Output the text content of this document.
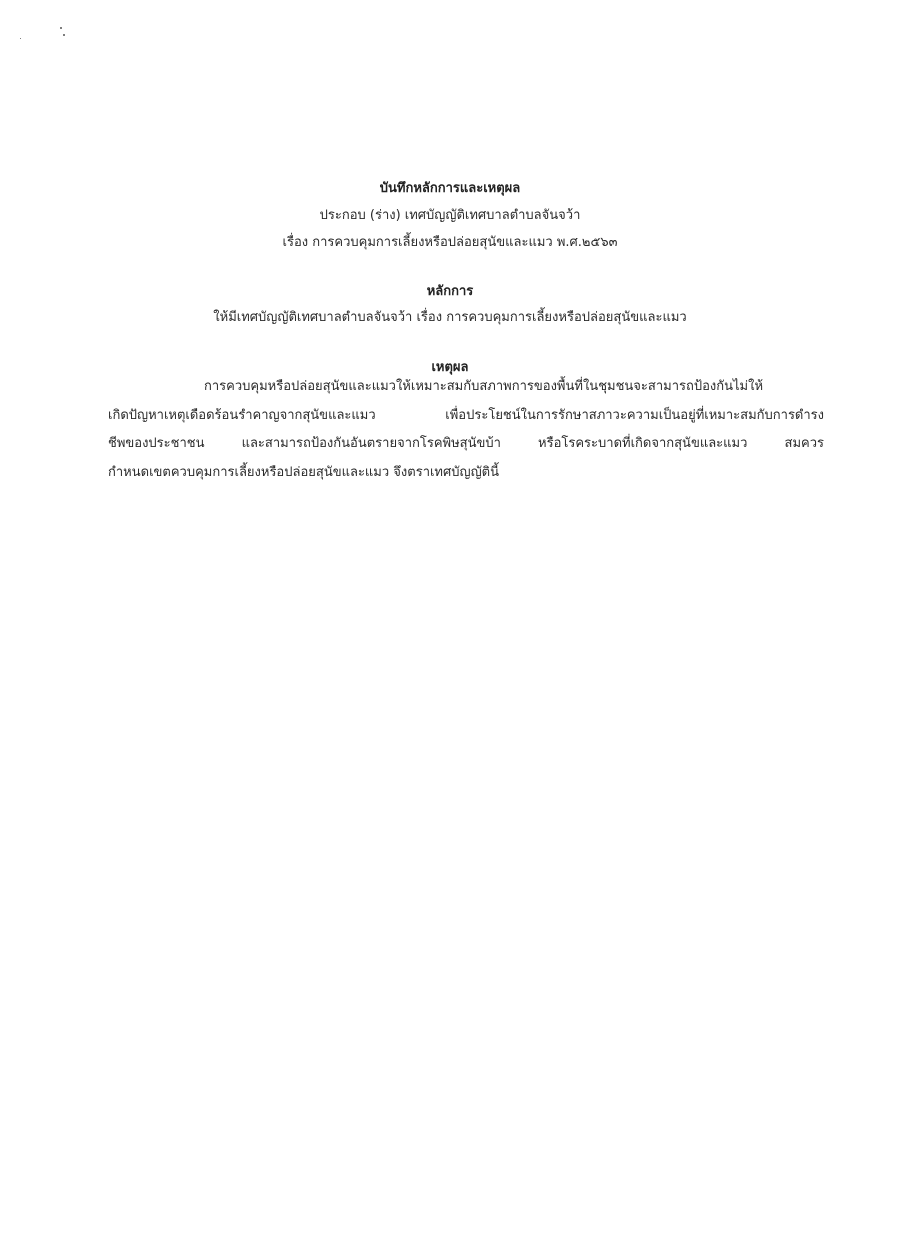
บันทึกหลักการและเหตุผล
ประกอบ (ร่าง) เทศบัญญัติเทศบาลตำบลจันจว้า
เรื่อง การควบคุมการเลี้ยงหรือปล่อยสุนัขและแมว พ.ศ.๒๕๖๓
หลักการ
ให้มีเทศบัญญัติเทศบาลตำบลจันจว้า เรื่อง การควบคุมการเลี้ยงหรือปล่อยสุนัขและแมว
เหตุผล
การควบคุมหรือปล่อยสุนัขและแมวให้เหมาะสมกับสภาพการของพื้นที่ในชุมชนจะสามารถป้องกันไม่ให้
เกิดปัญหาเหตุเดือดร้อนรำคาญจากสุนัขและแมว เพื่อประโยชน์ในการรักษาสภาวะความเป็นอยู่ที่เหมาะสมกับการดำรง
ชีพของประชาชน และสามารถป้องกันอันตรายจากโรคพิษสุนัขบ้า หรือโรคระบาดที่เกิดจากสุนัขและแมว สมควร
กำหนดเขตควบคุมการเลี้ยงหรือปล่อยสุนัขและแมว จึงตราเทศบัญญัตินี้
